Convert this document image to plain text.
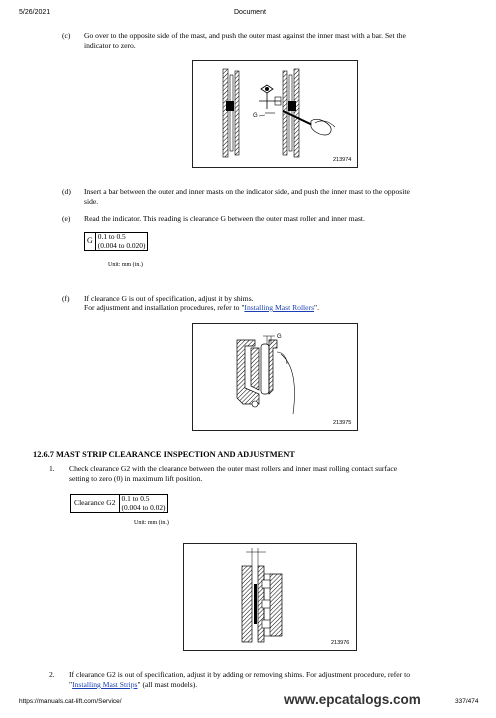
5/26/2021	Document
(c) Go over to the opposite side of the mast, and push the outer mast against the inner mast with a bar. Set the
indicator to zero.
G
213974
(d) Insert a bar between the outer and inner masts on the indicator side, and push the inner mast to the opposite
side.
(e) Read the indicator. This reading is clearance G between the outer mast roller and inner mast.
G	0.1 to 0.5
(0.004 to 0.020)
Unit: mm (in.)
(f) If clearance G is out of specification, adjust it by shims.
For adjustment and installation procedures, refer to "Installing Mast Rollers".
G
213975
12.6.7 MAST STRIP CLEARANCE INSPECTION AND ADJUSTMENT
1. Check clearance G2 with the clearance between the outer mast rollers and inner mast rolling contact surface
setting to zero (0) in maximum lift position.
Clearance G2	0.1 to 0.5
(0.004 to 0.02)
Unit: mm (in.)
213976
2. If clearance G2 is out of specification, adjust it by adding or removing shims. For adjustment procedure, refer to
"Installing Mast Strips" (all mast models).
https://manuals.cat-lift.com/Service/	www.epcatalogs.com	337/474
